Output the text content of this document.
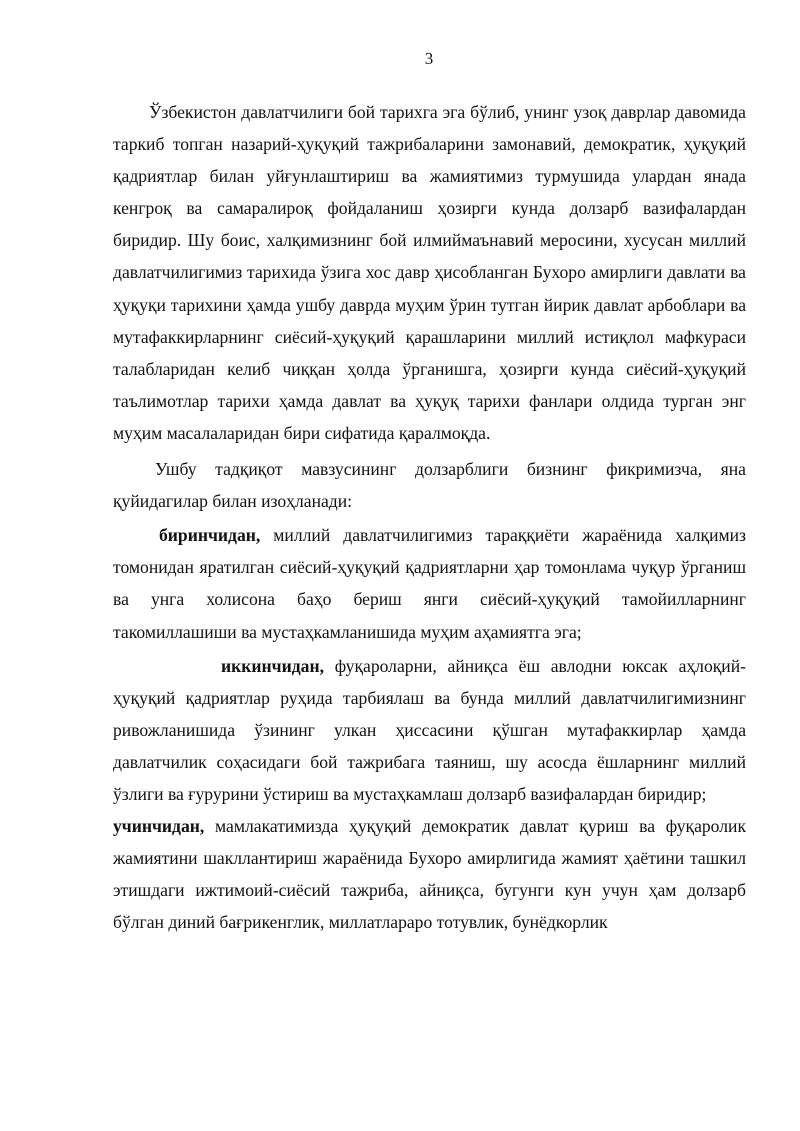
3

Ўзбекистон давлатчилиги бой тарихга эга бўлиб, унинг узоқ даврлар давомида таркиб топган назарий-ҳуқуқий тажрибаларини замонавий, демократик, ҳуқуқий қадриятлар билан уйғунлаштириш ва жамиятимиз турмушида улардан янада кенгроқ ва самаралироқ фойдаланиш ҳозирги кунда долзарб вазифалардан биридир. Шу боис, халқимизнинг бой илмиймаънавий меросини, хусусан миллий давлатчилигимиз тарихида ўзига хос давр ҳисобланган Бухоро амирлиги давлати ва ҳуқуқи тарихини ҳамда ушбу даврда муҳим ўрин тутган йирик давлат арбоблари ва мутафаккирларнинг сиёсий-ҳуқуқий қарашларини миллий истиқлол мафкураси талабларидан келиб чиққан ҳолда ўрганишга, ҳозирги кунда сиёсий-ҳуқуқий таълимотлар тарихи ҳамда давлат ва ҳуқуқ тарихи фанлари олдида турган энг муҳим масалаларидан бири сифатида қаралмоқда.

Ушбу тадқиқот мавзусининг долзарблиги бизнинг фикримизча, яна қуйидагилар билан изоҳланади:

биринчидан, миллий давлатчилигимиз тараққиёти жараёнида халқимиз томонидан яратилган сиёсий-ҳуқуқий қадриятларни ҳар томонлама чуқур ўрганиш ва унга холисона баҳо бериш янги сиёсий-ҳуқуқий тамойилларнинг такомиллашиши ва мустаҳкамланишида муҳим аҳамиятга эга;

иккинчидан, фуқароларни, айниқса ёш авлодни юксак аҳлоқий-ҳуқуқий қадриятлар руҳида тарбиялаш ва бунда миллий давлатчилигимизнинг ривожланишида ўзининг улкан ҳиссасини қўшган мутафаккирлар ҳамда давлатчилик соҳасидаги бой тажрибага таяниш, шу асосда ёшларнинг миллий ўзлиги ва ғурурини ўстириш ва мустаҳкамлаш долзарб вазифалардан биридир;

учинчидан, мамлакатимизда ҳуқуқий демократик давлат қуриш ва фуқаролик жамиятини шакллантириш жараёнида Бухоро амирлигида жамият ҳаётини ташкил этишдаги ижтимоий-сиёсий тажриба, айниқса, бугунги кун учун ҳам долзарб бўлган диний бағрикенглик, миллатлараро тотувлик, бунёдкорлик
